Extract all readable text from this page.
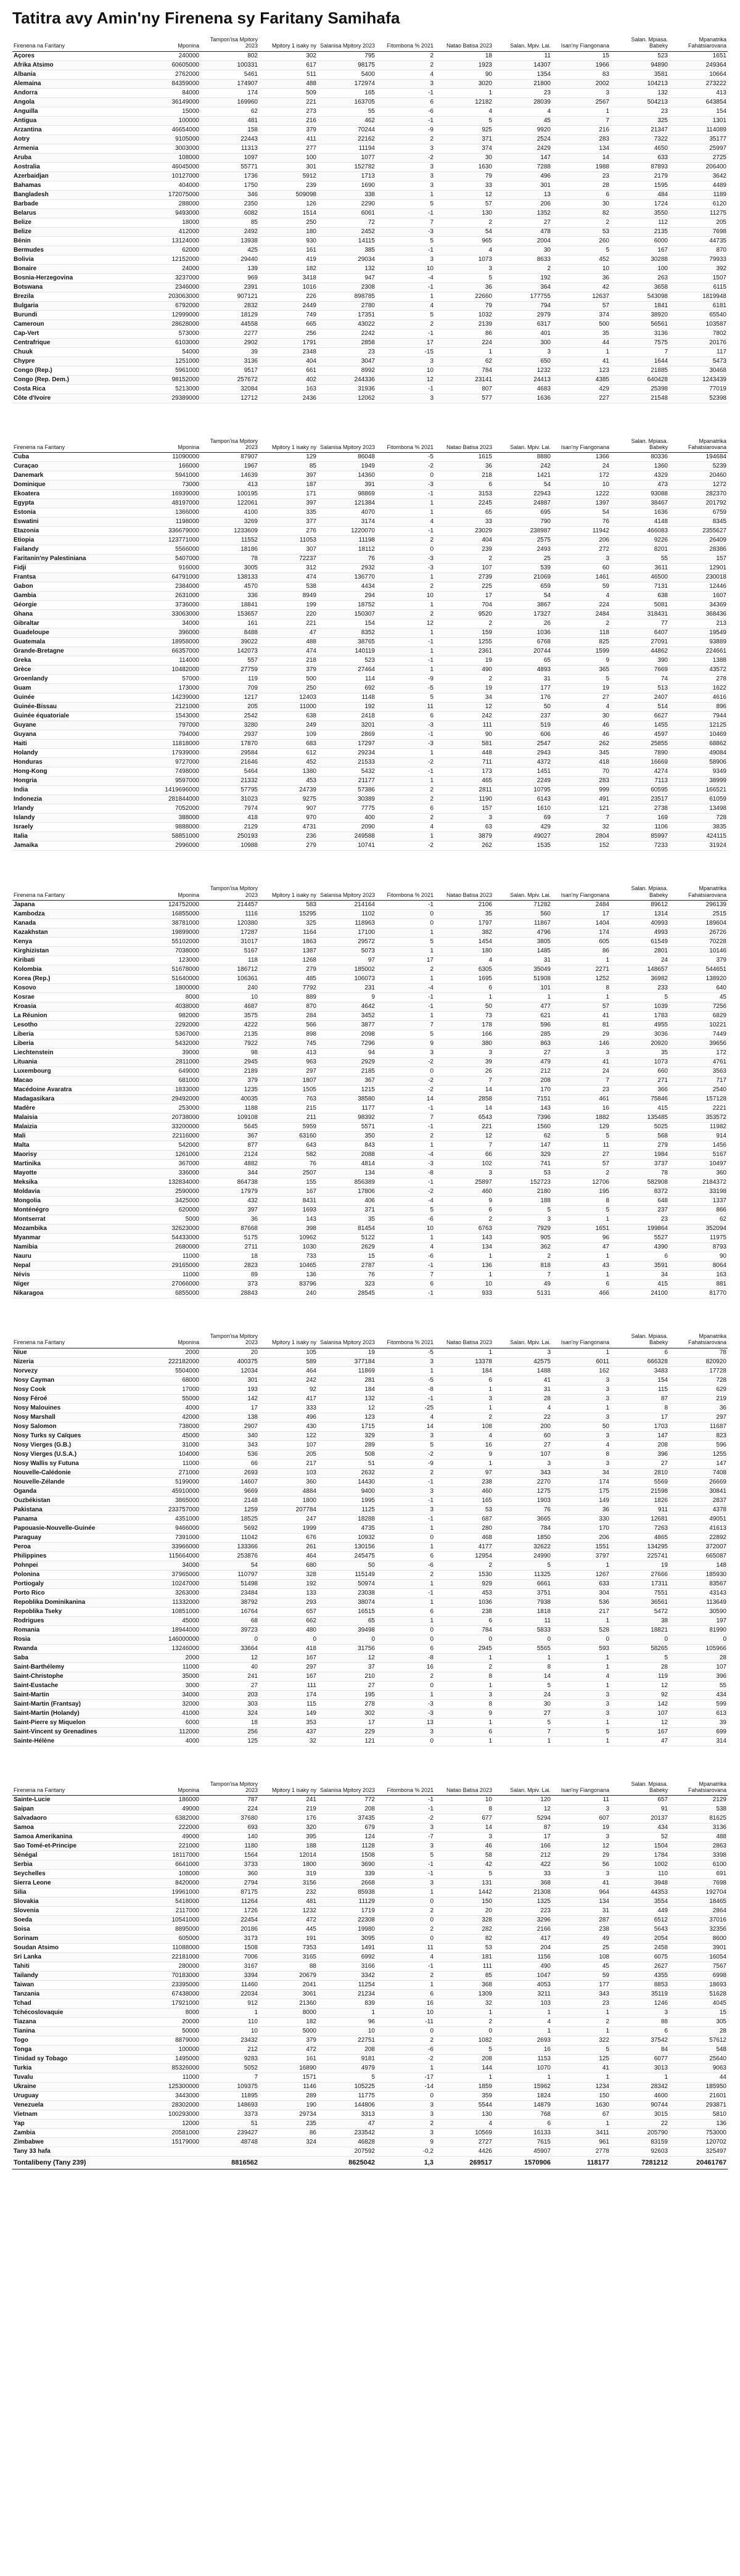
Tatitra avy Amin'ny Firenena sy Faritany Samihafa
Firenena na Faritany	Mponina	Tampon'isa Mpitory 2023	Mpitory 1 isaky ny	Salanisa Mpitory 2023	Fitombona % 2021	Natao Batisa 2023	Salan. Mpiv. Lai.	Isan'ny Fiangonana	Salan. Mpiasa. Babeky	Mpanatrika Fahatsiarovana
Açores	240000	802	302	795	2	18	11	15	523	1651
Afrika Atsimo	60605000	100331	617	98175	2	1923	14307	1966	94890	249364
Albania	2762000	5461	511	5400	4	90	1354	83	3581	10664
Alemaina	84359000	174907	488	172974	3	3020	21800	2002	104213	273222
Andorra	84000	174	509	165	-1	1	23	3	132	413
Angola	36149000	169960	221	163705	6	12182	28039	2567	504213	643854
Anguilla	15000	62	273	55	-6	4	4	1	23	154
Antigua	100000	481	216	462	-1	5	45	7	325	1301
Arzantina	46654000	158	379	70244	-9	925	9920	216	21347	114089
Aotry	9105000	22443	411	22162	2	371	2524	283	7322	35177
Armenia	3003000	11313	277	11194	3	374	2429	134	4650	25997
Aruba	108000	1097	100	1077	-2	30	147	14	633	2725
Aostralia	46045000	55771	301	152782	3	1630	7288	1988	87893	206400
Azerbaidjan	10127000	1736	5912	1713	3	79	496	23	2179	3642
Bahamas	404000	1750	239	1690	3	33	301	28	1595	4489
Bangladesh	172075000	346	509098	338	1	12	13	6	484	1189
Barbade	288000	2350	126	2290	5	57	206	30	1724	6120
Belarus	9493000	6082	1514	6061	-1	130	1352	82	3550	11275
Belize	18000	85	250	72	7	2	27	2	112	205
Belize	412000	2492	180	2452	-3	54	478	53	2135	7698
Bénin	13124000	13938	930	14115	5	965	2004	260	6000	44735
Bermudes	62000	425	161	385	-1	4	30	5	167	870
Bolivia	12152000	29440	419	29034	3	1073	8633	452	30288	79933
Bonaire	24000	139	182	132	10	3	2	10	100	392
Bosnia-Herzegovina	3237000	969	3418	947	-4	5	192	36	263	1507
Botswana	2346000	2391	1016	2308	-1	36	364	42	3658	6115
Brezila	203063000	907121	226	898785	1	22660	177755	12637	543098	1819948
Bulgaria	6792000	2832	2449	2780	4	79	794	57	1841	6181
Burundi	12999000	18129	749	17351	5	1032	2979	374	38920	65540
Cameroun	28628000	44558	665	43022	2	2139	6317	500	56561	103587
Cap-Vert	573000	2277	256	2242	-1	86	401	35	3136	7802
Centrafrique	6103000	2902	1791	2858	17	224	300	44	7575	20176
Chuuk	54000	39	2348	23	-15	1	3	1	7	117
Chypre	1251000	3136	404	3047	3	62	650	41	1644	5473
Congo (Rep.)	5961000	9517	661	8992	10	784	1232	123	21885	30468
Congo (Rep. Dem.)	98152000	257672	402	244336	12	23141	24413	4385	640428	1243439
Costa Rica	5213000	32084	163	31936	-1	807	4683	429	25398	77019
Côte d'Ivoire	29389000	12712	2436	12062	3	577	1636	227	21548	52398
Firenena na Faritany	Mponina	Tampon'isa Mpitory 2023	Mpitory 1 isaky ny	Salanisa Mpitory 2023	Fitombona % 2021	Natao Batisa 2023	Salan. Mpiv. Lai.	Isan'ny Fiangonana	Salan. Mpiasa. Babeky	Mpanatrika Fahatsiarovana
Cuba	11090000	87907	129	86048	-5	1615	8880	1366	80336	194684
Curaçao	166000	1967	85	1949	-2	36	242	24	1360	5239
Danemark	5941000	14639	397	14360	0	218	1421	172	4329	20460
Dominique	73000	413	187	391	-3	6	54	10	473	1272
Ekoatera	16939000	100195	171	98869	-1	3153	22943	1222	93088	282370
Egypta	48197000	122061	397	121384	1	2245	24887	1397	38467	201792
Estonia	1366000	4100	335	4070	1	65	695	54	1636	6759
Eswatini	1198000	3269	377	3174	4	33	790	76	4148	8345
Etazonia	336679000	1233609	276	1220070	-1	23029	238987	11942	466083	2355627
Etiopia	123771000	11552	11053	11198	2	404	2575	206	9226	26409
Failandy	5566000	18186	307	18112	0	239	2493	272	8201	28386
Faritanin'ny Palestiniana	5407000	78	72237	76	-3	2	25	3	55	157
Fidji	916000	3005	312	2932	-3	107	539	60	3611	12901
Frantsa	64791000	138133	474	136770	1	2739	21069	1461	46500	230018
Gabon	2384000	4570	538	4434	2	225	659	59	7131	12446
Gambia	2631000	336	8949	294	10	17	54	4	638	1607
Géorgie	3736000	18841	199	18752	1	704	3867	224	5081	34369
Ghana	33063000	153657	220	150307	2	9520	17327	2484	318431	368436
Gibraltar	34000	161	221	154	12	2	26	2	77	213
Guadeloupe	396000	8488	47	8352	1	159	1036	118	6407	19549
Guatemala	18958000	39022	488	38765	-1	1255	6768	825	27091	93889
Grande-Bretagne	66357000	142073	474	140119	1	2361	20744	1599	44862	224661
Greka	114000	557	218	523	-1	19	65	9	390	1388
Grèce	10482000	27759	379	27464	1	490	4893	365	7669	43572
Groenlandy	57000	119	500	114	-9	2	31	5	74	278
Guam	173000	709	250	692	-5	19	177	19	513	1622
Guinée	14239000	1217	12403	1148	5	34	176	27	2407	4616
Guinée-Bissau	2121000	205	11000	192	11	12	50	4	514	896
Guinée équatoriale	1543000	2542	638	2418	6	242	237	30	6627	7944
Guyane	797000	3280	249	3201	-3	111	519	46	1455	12125
Guyana	794000	2937	109	2869	-1	90	606	46	4597	10469
Haiti	11818000	17870	683	17297	-3	581	2547	262	25855	68862
Holandy	17939000	29584	612	29234	1	448	2943	345	7890	49084
Honduras	9727000	21646	452	21533	-2	711	4372	418	16669	58906
Hong-Kong	7498000	5464	1380	5432	-1	173	1451	70	4274	9349
Hongria	9597000	21332	453	21177	1	465	2249	283	7113	38999
India	1419696000	57795	24739	57386	2	2811	10795	999	60595	166521
Indonezia	281844000	31023	9275	30389	2	1190	6143	491	23517	61059
Irlandy	7052000	7974	907	7775	6	157	1610	121	2738	13498
Islandy	388000	418	970	400	2	3	69	7	169	728
Israely	9888000	2129	4731	2090	4	63	429	32	1106	3835
Italia	58851000	250193	236	249588	1	3879	49027	2804	85997	424115
Jamaika	2996000	10988	279	10741	-2	262	1535	152	7233	31924
Firenena na Faritany	Mponina	Tampon'isa Mpitory 2023	Mpitory 1 isaky ny	Salanisa Mpitory 2023	Fitombona % 2021	Natao Batisa 2023	Salan. Mpiv. Lai.	Isan'ny Fiangonana	Salan. Mpiasa. Babeky	Mpanatrika Fahatsiarovana
Japana	124752000	214457	583	214164	-1	2106	71282	2484	89612	296139
Kambodza	16855000	1116	15295	1102	0	35	560	17	1314	2515
Kanada	38781000	120380	325	118963	0	1797	11867	1404	40993	189604
Kazakhstan	19899000	17287	1164	17100	1	382	4796	174	4993	26726
Kenya	55102000	31017	1863	29572	5	1454	3805	605	61549	70228
Kirghizistan	7038000	5167	1387	5073	1	180	1485	86	2801	10146
Kiribati	123000	118	1268	97	17	4	31	1	24	379
Kolombia	51678000	186712	279	185002	2	6305	35049	2271	148657	544651
Korea (Rep.)	51640000	106361	485	106073	1	1695	51908	1252	36982	138920
Kosovo	1800000	240	7792	231	-4	6	101	8	233	640
Kosrae	8000	10	889	9	-1	1	1	1	5	45
Kroasia	4038000	4687	870	4642	-1	50	477	57	1039	7256
La Réunion	982000	3575	284	3452	1	73	621	41	1783	6829
Lesotho	2292000	4222	566	3877	7	178	596	81	4955	10221
Liberia	5367000	2135	898	2098	5	166	285	29	3036	7449
Liberia	5432000	7922	745	7296	9	380	863	146	20920	39656
Liechtenstein	39000	98	413	94	3	3	27	3	35	172
Lituania	2811000	2945	963	2929	-2	39	479	41	1073	4761
Luxembourg	649000	2189	297	2185	0	26	212	24	660	3563
Macao	681000	379	1807	367	-2	7	208	7	271	717
Macédoine Avaratra	1833000	1235	1505	1215	-2	14	170	23	366	2540
Madagasikara	29492000	40035	763	38580	14	2858	7151	461	75846	157128
Madère	253000	1188	215	1177	-1	14	143	16	415	2221
Malaisia	20738000	109108	211	98392	7	6543	7396	1882	135485	353572
Malaizia	33200000	5645	5959	5571	-1	221	1560	129	5025	11982
Mali	22116000	367	63160	350	2	12	62	5	568	914
Malta	542000	877	643	843	1	7	147	11	279	1456
Maorisy	1261000	2124	582	2088	-4	66	329	27	1984	5167
Martinika	367000	4882	76	4814	-3	102	741	57	3737	10497
Mayotte	336000	344	2507	134	-8	3	53	2	78	360
Meksika	132834000	864738	155	856389	-1	25897	152723	12706	582908	2184372
Moldavia	2590000	17979	167	17806	-2	460	2180	195	8372	33198
Mongolia	3425000	432	8431	406	-4	9	188	8	648	1337
Monténégro	620000	397	1693	371	5	6	5	5	237	866
Montserrat	5000	36	143	35	-6	2	3	1	23	62
Mozambika	32623000	87668	398	81454	10	6763	7929	1651	199864	352094
Myanmar	54433000	5175	10962	5122	1	143	905	96	5527	11975
Namibia	2680000	2711	1030	2629	4	134	362	47	4390	8793
Nauru	11000	18	733	15	-6	1	2	1	6	90
Nepal	29165000	2823	10465	2787	-1	136	818	43	3591	8064
Névis	11000	89	136	76	7	1	7	1	34	163
Niger	27066000	373	83796	323	6	10	49	6	415	881
Nikaragoa	6855000	28843	240	28545	-1	933	5131	466	24100	81770
Firenena na Faritany	Mponina	Tampon'isa Mpitory 2023	Mpitory 1 isaky ny	Salanisa Mpitory 2023	Fitombona % 2021	Natao Batisa 2023	Salan. Mpiv. Lai.	Isan'ny Fiangonana	Salan. Mpiasa. Babeky	Mpanatrika Fahatsiarovana
Niue	2000	20	105	19	-5	1	3	1	6	78
Nizeria	222182000	400375	589	377184	3	13378	42575	6011	666328	820920
Norvezy	5504000	12034	464	11869	1	184	1488	162	3483	17728
Nosy Cayman	68000	301	242	281	-5	6	41	3	154	728
Nosy Cook	17000	193	92	184	-8	1	31	3	115	629
Nosy Féroé	55000	142	417	132	-1	3	28	3	87	219
Nosy Malouines	4000	17	333	12	-25	1	4	1	8	36
Nosy Marshall	42000	138	496	123	4	2	22	3	17	297
Nosy Salomon	738000	2907	430	1715	14	108	200	50	1703	11687
Nosy Turks sy Caïques	45000	340	122	329	3	4	60	3	147	823
Nosy Vierges (G.B.)	31000	343	107	289	5	16	27	4	208	596
Nosy Vierges (U.S.A.)	104000	536	205	508	-2	9	107	8	396	1255
Nosy Wallis sy Futuna	11000	66	217	51	-9	1	3	3	27	147
Nouvelle-Calédonie	271000	2693	103	2632	2	97	343	34	2810	7408
Nouvelle-Zélande	5199000	14607	360	14430	-1	238	2270	174	5569	26669
Oganda	45910000	9669	4884	9400	3	460	1275	175	21598	30841
Ouzbékistan	3865000	2148	1800	1995	-1	165	1903	149	1826	2837
Pakistana	233757000	1259	207784	1125	3	53	76	36	911	4378
Panama	4351000	18525	247	18288	-1	687	3665	330	12681	49051
Papouasie-Nouvelle-Guinée	9466000	5692	1999	4735	1	280	784	170	7263	41613
Paraguay	7391000	11042	676	10932	0	468	1850	206	4865	22892
Peroa	33966000	133366	261	130156	1	4177	32622	1551	134295	372007
Philippines	115664000	253876	464	245475	6	12954	24990	3797	225741	665087
Pohnpei	34000	54	680	50	-6	2	5	1	19	148
Polonina	37965000	110797	328	115149	2	1530	11325	1267	27666	185930
Portiogaly	10247000	51498	192	50974	1	929	6661	633	17311	83567
Porto Rico	3263000	23484	133	23038	-1	453	3751	304	7551	43143
Repoblika Dominikanina	11332000	38792	293	38074	1	1036	7938	536	36561	113649
Repoblika Tseky	10851000	16764	657	16515	6	238	1818	217	5472	30590
Rodrigues	45000	68	662	65	1	6	11	1	38	197
Romania	18944000	39723	480	39498	0	784	5833	528	18821	81990
Rosia	146000000	0	0	0	0	0	0	0	0	0
Rwanda	13246000	33664	418	31756	6	2945	5565	593	58265	105966
Saba	2000	12	167	12	-8	1	1	1	5	28
Saint-Barthélemy	11000	40	297	37	16	2	8	1	28	107
Saint-Christophe	35000	241	167	210	2	8	14	4	119	396
Saint-Eustache	3000	27	111	27	0	1	5	1	12	55
Saint-Martin	34000	203	174	195	1	3	24	3	92	434
Saint-Martin (Frantsay)	32000	303	115	278	-3	8	30	3	142	599
Saint-Martin (Holandy)	41000	324	149	302	-3	9	27	3	107	613
Saint-Pierre sy Miquelon	6000	18	353	17	13	1	5	1	12	39
Saint-Vincent sy Grenadines	112000	256	437	229	3	6	7	5	167	699
Sainte-Hélène	4000	125	32	121	0	1	1	1	47	314
Firenena na Faritany	Mponina	Tampon'isa Mpitory 2023	Mpitory 1 isaky ny	Salanisa Mpitory 2023	Fitombona % 2021	Natao Batisa 2023	Salan. Mpiv. Lai.	Isan'ny Fiangonana	Salan. Mpiasa. Babeky	Mpanatrika Fahatsiarovana
Sainte-Lucie	186000	787	241	772	-1	10	120	11	657	2129
Saipan	49000	224	219	208	-1	8	12	3	91	538
Salvadaoro	6382000	37680	176	37435	-2	677	5294	607	20137	81625
Samoa	222000	693	320	679	3	14	87	19	434	3136
Samoa Amerikanina	49000	140	395	124	-7	3	17	3	52	488
Sao Tomé-et-Principe	221000	1180	188	1128	3	46	166	12	1504	2863
Sénégal	18117000	1564	12014	1508	5	58	212	29	1784	3398
Serbia	6641000	3733	1800	3690	-1	42	422	56	1002	6100
Seychelles	108000	360	319	339	-1	5	33	3	110	691
Sierra Leone	8420000	2794	3156	2668	3	131	368	41	3948	7698
Silia	19961000	87175	232	85938	1	1442	21308	964	44353	192704
Slovakia	5418000	11264	481	11129	0	150	1325	134	3554	18465
Slovenia	2117000	1726	1232	1719	2	20	223	31	449	2864
Soeda	10541000	22454	472	22308	0	328	3296	287	6512	37016
Soisa	8895000	20186	445	19980	2	282	2166	238	5643	32356
Sorinam	605000	3173	191	3095	0	82	417	49	2054	8600
Soudan Atsimo	11088000	1508	7353	1491	11	53	204	25	2458	3901
Sri Lanka	22181000	7006	3165	6992	4	181	1156	108	6075	16054
Tahiti	280000	3167	88	3166	-1	111	490	45	2627	7567
Tailandy	70183000	3394	20679	3342	2	85	1047	59	4355	6998
Taiwan	23395000	11460	2041	11254	1	368	4053	177	8853	18693
Tanzania	67438000	22034	3061	21234	6	1309	3211	343	35119	51628
Tchad	17921000	912	21360	839	16	32	103	23	1246	4045
Tchécoslovaquie	8000	1	8000	1	10	1	1	1	3	15
Tiazana	20000	110	182	96	-11	2	4	2	88	305
Tianina	50000	10	5000	10	0	0	1	1	6	28
Togo	8879000	23432	379	22751	2	1082	2693	322	37542	57612
Tonga	100000	212	472	208	-6	5	16	5	84	548
Tinidad sy Tobago	1495000	9283	161	9181	-2	208	1153	125	6077	25640
Turkia	85326000	5052	16890	4979	1	144	1070	41	3013	9063
Tuvalu	11000	7	1571	5	-17	1	1	1	1	44
Ukraine	125300000	109375	1146	105225	-14	1859	15962	1234	28342	185950
Uruguay	3443000	11895	289	11775	0	359	1824	150	4600	21601
Venezuela	28302000	148693	190	144806	3	5544	14879	1630	90744	293871
Vietnam	100293000	3373	29734	3313	3	130	768	67	3015	5810
Yap	12000	51	235	47	2	4	6	1	22	136
Zambia	20581000	239427	86	233542	3	10569	16133	3411	205790	753000
Zimbabwe	15179000	48748	324	46828	9	2727	7615	961	83159	120702
Tany 33 hafa				207592	-0,2	4426	45907	2778	92603	325497
Tontalibeny (Tany 239)		8816562		8625042	1,3	269517	1570906	118177	7281212	20461767
